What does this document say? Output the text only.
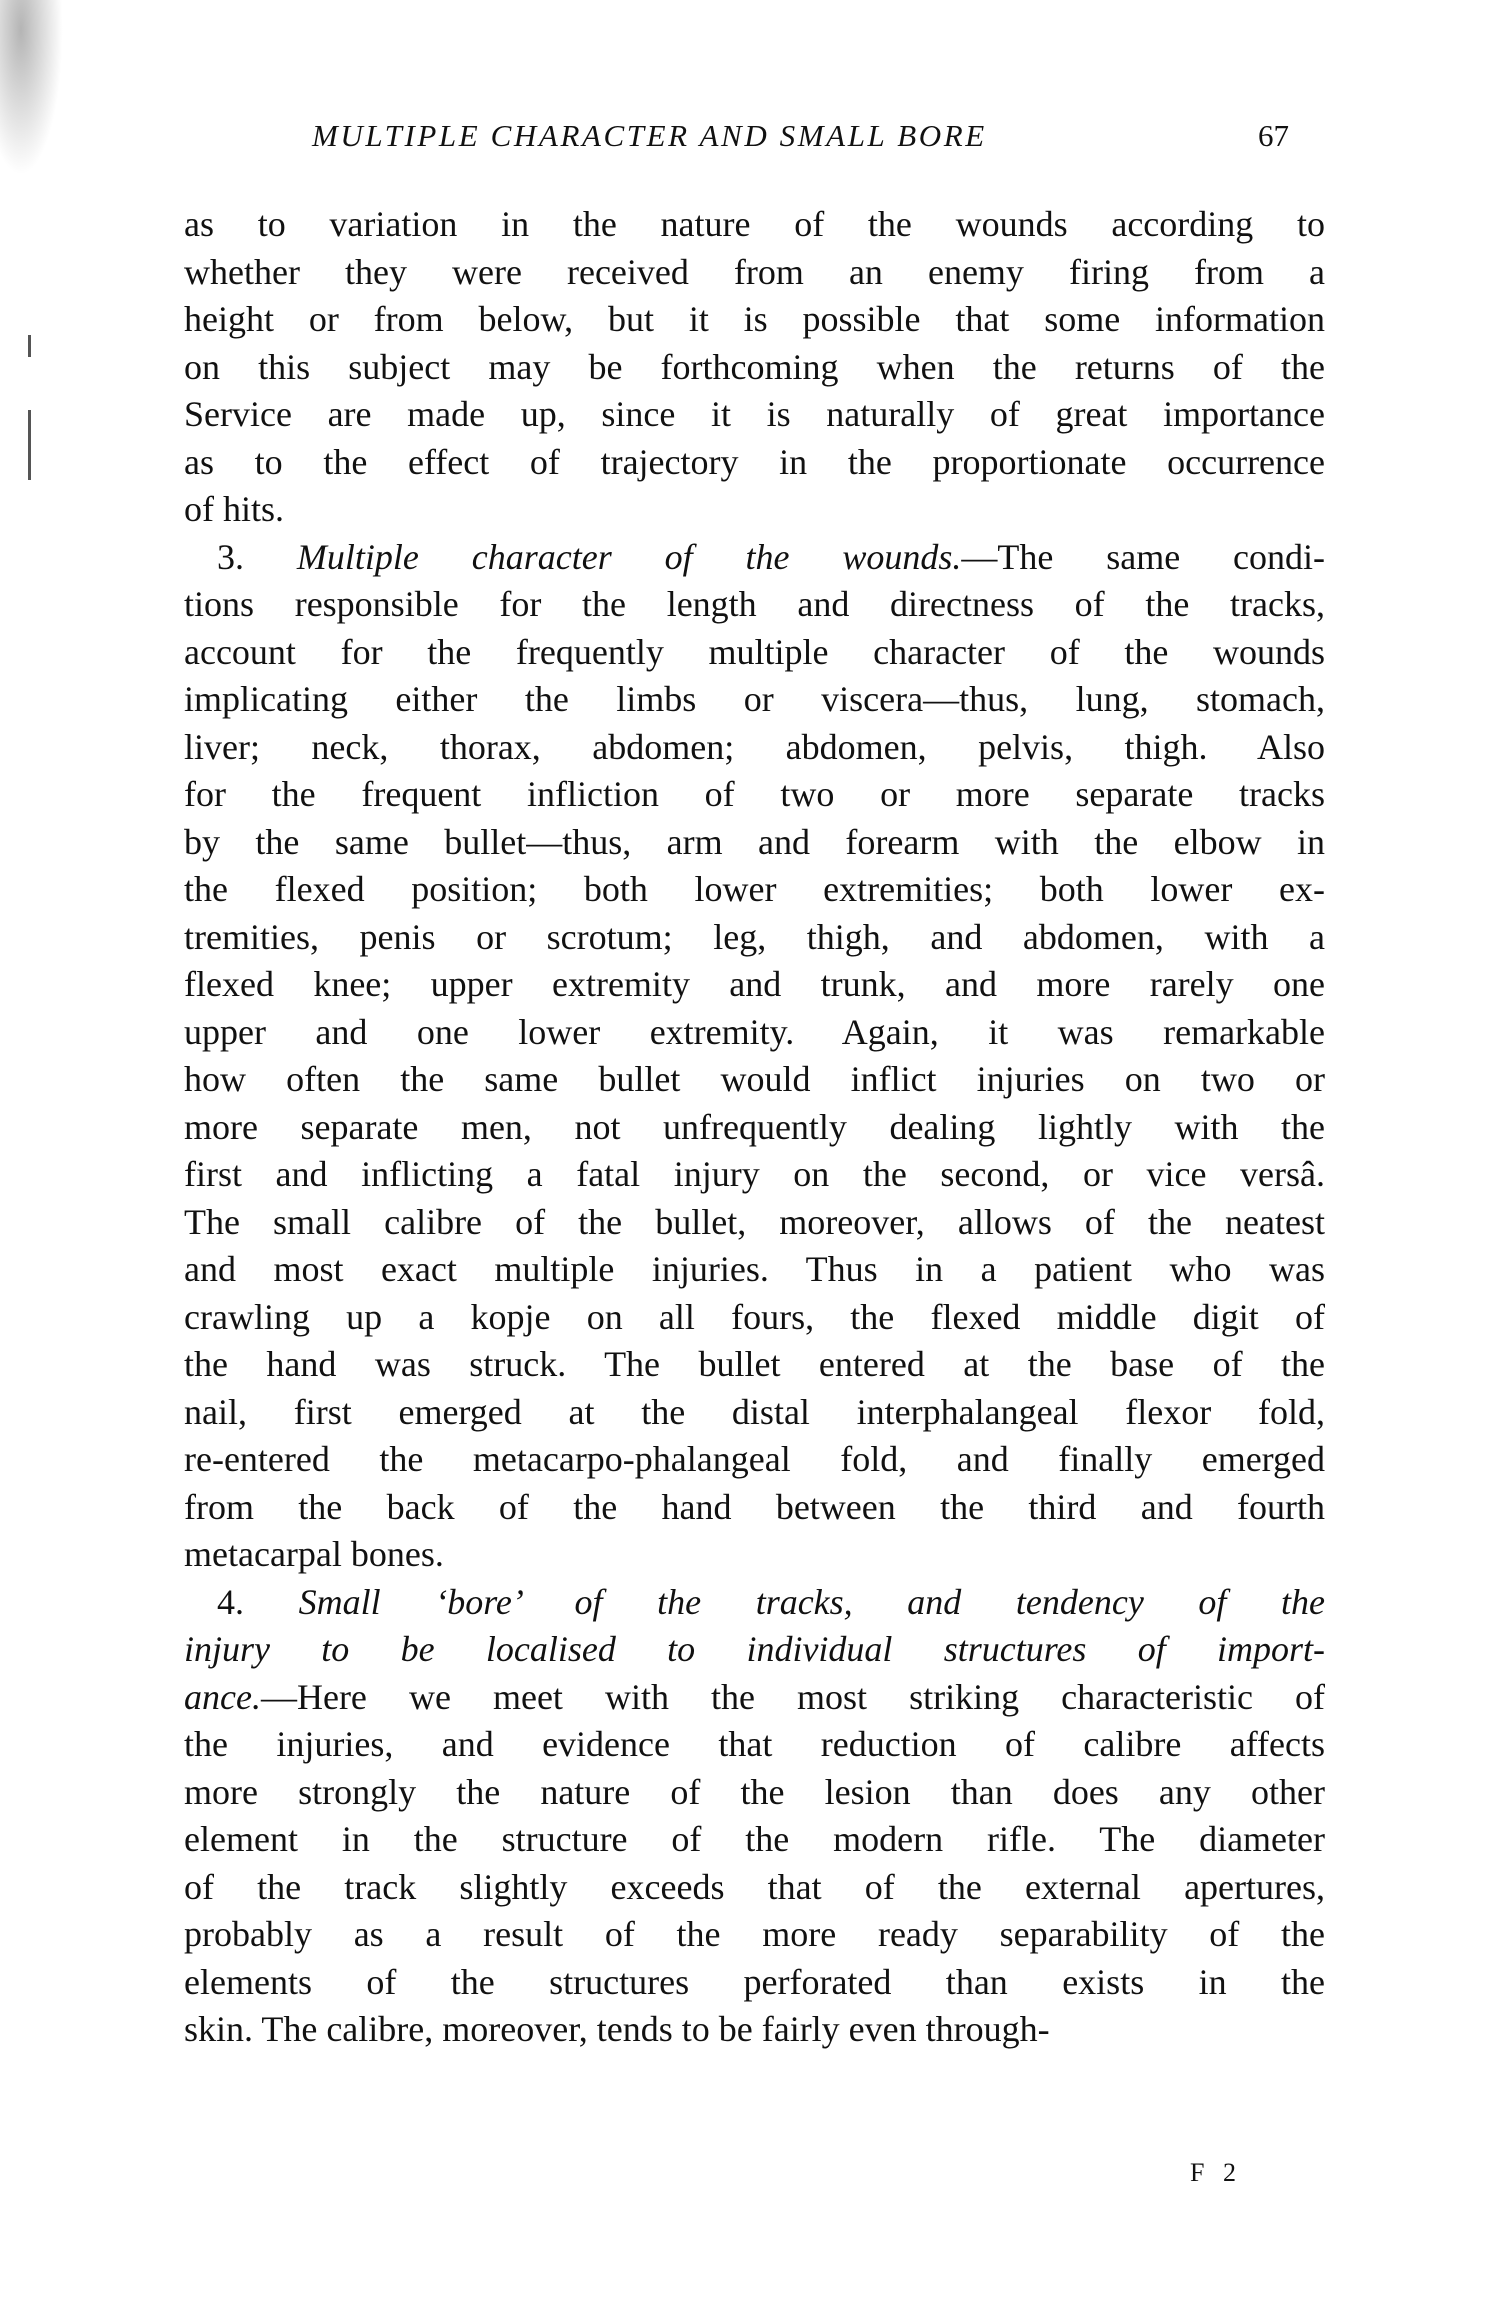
MULTIPLE CHARACTER AND SMALL BORE	67
as to variation in the nature of the wounds according to
whether they were received from an enemy firing from a
height or from below, but it is possible that some information
on this subject may be forthcoming when the returns of the
Service are made up, since it is naturally of great importance
as to the effect of trajectory in the proportionate occurrence
of hits.
3. Multiple character of the wounds.—The same condi-
tions responsible for the length and directness of the tracks,
account for the frequently multiple character of the wounds
implicating either the limbs or viscera—thus, lung, stomach,
liver; neck, thorax, abdomen; abdomen, pelvis, thigh. Also
for the frequent infliction of two or more separate tracks
by the same bullet—thus, arm and forearm with the elbow in
the flexed position; both lower extremities; both lower ex-
tremities, penis or scrotum; leg, thigh, and abdomen, with a
flexed knee; upper extremity and trunk, and more rarely one
upper and one lower extremity. Again, it was remarkable
how often the same bullet would inflict injuries on two or
more separate men, not unfrequently dealing lightly with the
first and inflicting a fatal injury on the second, or vice versâ.
The small calibre of the bullet, moreover, allows of the neatest
and most exact multiple injuries. Thus in a patient who was
crawling up a kopje on all fours, the flexed middle digit of
the hand was struck. The bullet entered at the base of the
nail, first emerged at the distal interphalangeal flexor fold,
re-entered the metacarpo-phalangeal fold, and finally emerged
from the back of the hand between the third and fourth
metacarpal bones.
4. Small ‘bore’ of the tracks, and tendency of the
injury to be localised to individual structures of import-
ance.—Here we meet with the most striking characteristic of
the injuries, and evidence that reduction of calibre affects
more strongly the nature of the lesion than does any other
element in the structure of the modern rifle. The diameter
of the track slightly exceeds that of the external apertures,
probably as a result of the more ready separability of the
elements of the structures perforated than exists in the
skin. The calibre, moreover, tends to be fairly even through-
F 2
